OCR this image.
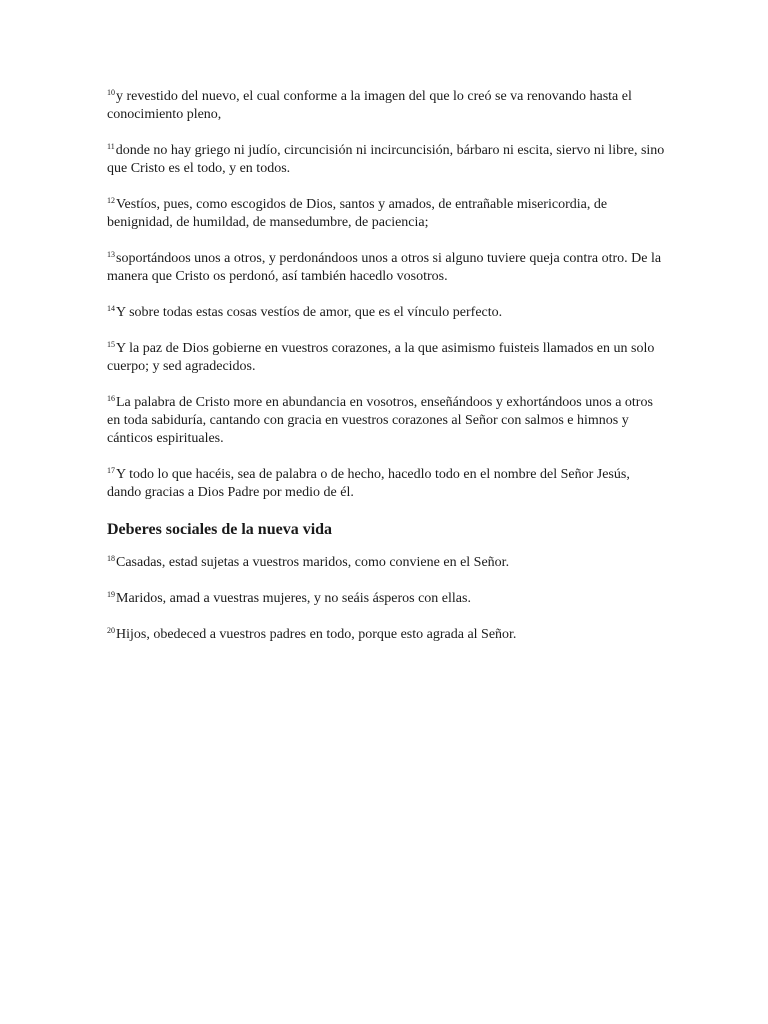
$^{10}$y revestido del nuevo, el cual conforme a la imagen del que lo creó se va renovando hasta el conocimiento pleno,

$^{11}$donde no hay griego ni judío, circuncisión ni incircuncisión, bárbaro ni escita, siervo ni libre, sino que Cristo es el todo, y en todos.

$^{12}$Vestíos, pues, como escogidos de Dios, santos y amados, de entrañable misericordia, de benignidad, de humildad, de mansedumbre, de paciencia;

$^{13}$soportándoos unos a otros, y perdonándoos unos a otros si alguno tuviere queja contra otro. De la manera que Cristo os perdonó, así también hacedlo vosotros.

$^{14}$Y sobre todas estas cosas vestíos de amor, que es el vínculo perfecto.

$^{15}$Y la paz de Dios gobierne en vuestros corazones, a la que asimismo fuisteis llamados en un solo cuerpo; y sed agradecidos.

$^{16}$La palabra de Cristo more en abundancia en vosotros, enseñándoos y exhortándoos unos a otros en toda sabiduría, cantando con gracia en vuestros corazones al Señor con salmos e himnos y cánticos espirituales.

$^{17}$Y todo lo que hacéis, sea de palabra o de hecho, hacedlo todo en el nombre del Señor Jesús, dando gracias a Dios Padre por medio de él.

Deberes sociales de la nueva vida

$^{18}$Casadas, estad sujetas a vuestros maridos, como conviene en el Señor.

$^{19}$Maridos, amad a vuestras mujeres, y no seáis ásperos con ellas.

$^{20}$Hijos, obedeced a vuestros padres en todo, porque esto agrada al Señor.
